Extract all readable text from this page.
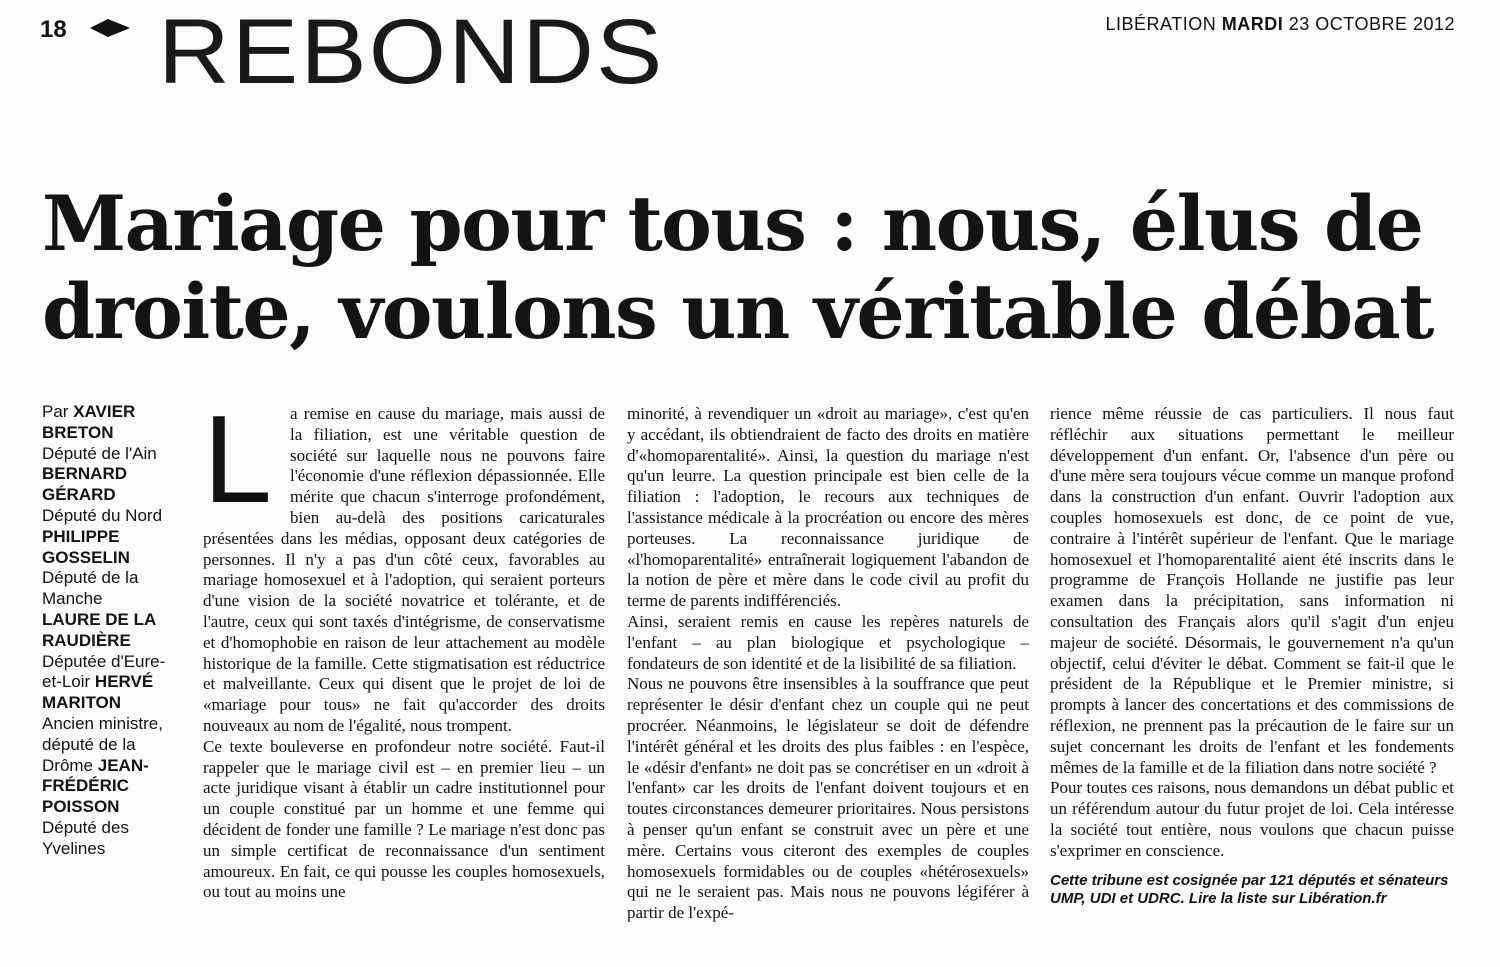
18 REBONDS	LIBÉRATION MARDI 23 OCTOBRE 2012
Mariage pour tous : nous, élus de droite, voulons un véritable débat
Par XAVIER BRETON
Député de l'Ain
BERNARD GÉRARD
Député du Nord
PHILIPPE GOSSELIN
Député de la Manche
LAURE DE LA RAUDIÈRE
Députée d'Eure-et-Loir HERVÉ MARITON
Ancien ministre, député de la Drôme JEAN-FRÉDÉRIC POISSON
Député des Yvelines

L a remise en cause du mariage, mais aussi de la filiation, est une véritable question de société sur laquelle nous ne pouvons faire l'économie d'une réflexion dépassionnée. Elle mérite que chacun s'interroge profondément, bien au-delà des positions caricaturales présentées dans les médias, opposant deux catégories de personnes. Il n'y a pas d'un côté ceux, favorables au mariage homosexuel et à l'adoption, qui seraient porteurs d'une vision de la société novatrice et tolérante, et de l'autre, ceux qui sont taxés d'intégrisme, de conservatisme et d'homophobie en raison de leur attachement au modèle historique de la famille. Cette stigmatisation est réductrice et malveillante. Ceux qui disent que le projet de loi de «mariage pour tous» ne fait qu'accorder des droits nouveaux au nom de l'égalité, nous trompent.

Ce texte bouleverse en profondeur notre société. Faut-il rappeler que le mariage civil est – en premier lieu – un acte juridique visant à établir un cadre institutionnel pour un couple constitué par un homme et une femme qui décident de fonder une famille ? Le mariage n'est donc pas un simple certificat de reconnaissance d'un sentiment amoureux. En fait, ce qui pousse les couples homosexuels, ou tout au moins une

minorité, à revendiquer un «droit au mariage», c'est qu'en y accédant, ils obtiendraient de facto des droits en matière d'«homoparentalité». Ainsi, la question du mariage n'est qu'un leurre. La question principale est bien celle de la filiation : l'adoption, le recours aux techniques de l'assistance médicale à la procréation ou encore des mères porteuses. La reconnaissance juridique de «l'homoparentalité» entraînerait logiquement l'abandon de la notion de père et mère dans le code civil au profit du terme de parents indifférenciés.

Ainsi, seraient remis en cause les repères naturels de l'enfant – au plan biologique et psychologique – fondateurs de son identité et de la lisibilité de sa filiation.

Nous ne pouvons être insensibles à la souffrance que peut représenter le désir d'enfant chez un couple qui ne peut procréer. Néanmoins, le législateur se doit de défendre l'intérêt général et les droits des plus faibles : en l'espèce, le «désir d'enfant» ne doit pas se concrétiser en un «droit à l'enfant» car les droits de l'enfant doivent toujours et en toutes circonstances demeurer prioritaires. Nous persistons à penser qu'un enfant se construit avec un père et une mère. Certains vous citeront des exemples de couples homosexuels formidables ou de couples «hétérosexuels» qui ne le seraient pas. Mais nous ne pouvons légiférer à partir de l'expé-

rience même réussie de cas particuliers. Il nous faut réfléchir aux situations permettant le meilleur développement d'un enfant. Or, l'absence d'un père ou d'une mère sera toujours vécue comme un manque profond dans la construction d'un enfant. Ouvrir l'adoption aux couples homosexuels est donc, de ce point de vue, contraire à l'intérêt supérieur de l'enfant. Que le mariage homosexuel et l'homoparentalité aient été inscrits dans le programme de François Hollande ne justifie pas leur examen dans la précipitation, sans information ni consultation des Français alors qu'il s'agit d'un enjeu majeur de société. Désormais, le gouvernement n'a qu'un objectif, celui d'éviter le débat. Comment se fait-il que le président de la République et le Premier ministre, si prompts à lancer des concertations et des commissions de réflexion, ne prennent pas la précaution de le faire sur un sujet concernant les droits de l'enfant et les fondements mêmes de la famille et de la filiation dans notre société ?

Pour toutes ces raisons, nous demandons un débat public et un référendum autour du futur projet de loi. Cela intéresse la société tout entière, nous voulons que chacun puisse s'exprimer en conscience.

Cette tribune est cosignée par 121 députés et sénateurs UMP, UDI et UDRC. Lire la liste sur Libération.fr
